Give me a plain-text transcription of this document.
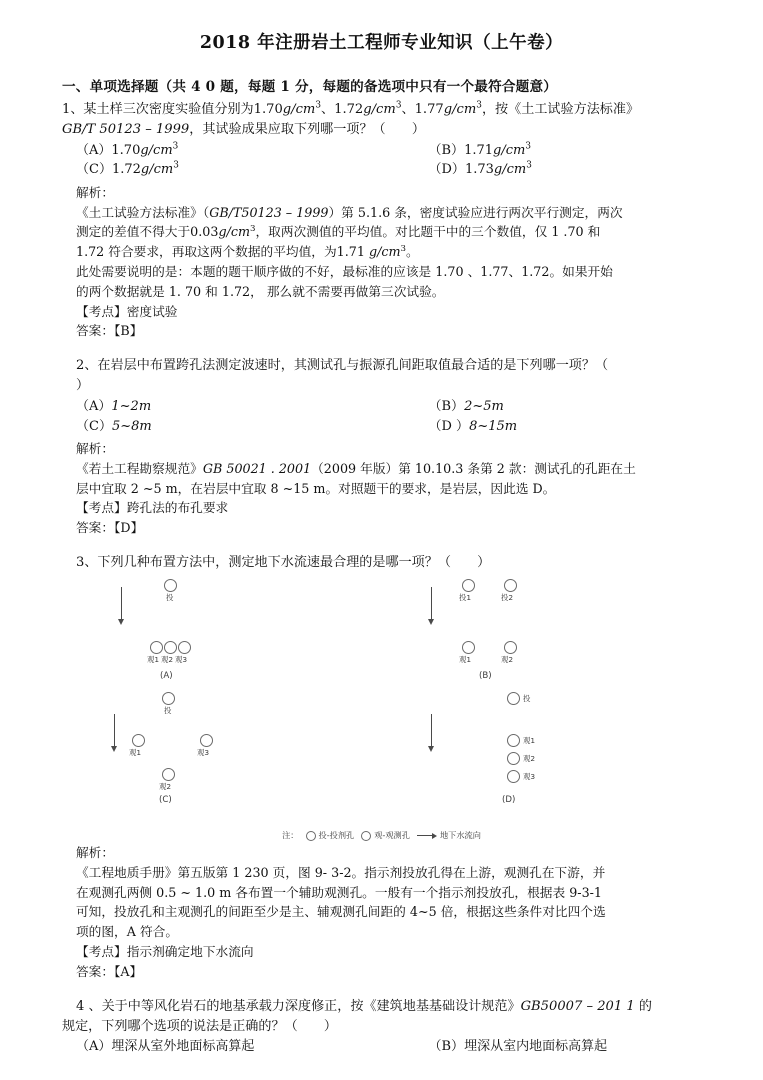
2018 年注册岩土工程师专业知识（上午卷）
一、单项选择题（共 4 0 题，每题 1 分，每题的备选项中只有一个最符合题意）
1、某土样三次密度实验值分别为$1.70g/cm^3$、$1.72g/cm^3$、$1.77g/cm^3$，按《土工试验方法标准》
GB/T 50123 – 1999，其试验成果应取下列哪一项？（　　）
$(A)1.70g/cm^3$	$(B)1.71g/cm^3$
$(C)1.72g/cm^3$	$(D)1.73g/cm^3$
解析：
《土工试验方法标准》（GB/T50123 – 1999）第 5.1.6 条，密度试验应进行两次平行测定，两次
测定的差值不得大于$0.03g/cm^3$，取两次测值的平均值。对比题干中的三个数值，仅 1 .70 和
1.72 符合要求，再取这两个数据的平均值，为1.71 $g/cm^3$。
此处需要说明的是：本题的题干顺序做的不好，最标准的应该是 1.70 、1.77、1.72。如果开始
的两个数据就是 1. 70 和 1.72， 那么就不需要再做第三次试验。
【考点】密度试验
答案：【B】
2、在岩层中布置跨孔法测定波速时，其测试孔与振源孔间距取值最合适的是下列哪一项？（
）
（A）1~2m	（B）2~5m
（C）5~8m	（D ）8~15m
解析：
《若土工程勘察规范》GB 50021 . 2001（2009 年版）第 10.10.3 条第 2 款：测试孔的孔距在土
层中宜取 2 ~5 m，在岩层中宜取 8 ~15 m。对照题干的要求，是岩层，因此选 D。
【考点】跨孔法的布孔要求
答案：【D】
3、下列几种布置方法中，测定地下水流速最合理的是哪一项？（　　）
投
观1 观2 观3
(A)
投1	投2
观1	观2
(B)
投
观1	观3
观2
(C)
投
观1
观2
观3
(D)
注： 投-投剂孔 观-观测孔	地下水流向
解析：
《工程地质手册》第五版第 1 230 页，图 9- 3-2。指示剂投放孔得在上游，观测孔在下游，并
在观测孔两侧 0.5 ~ 1.0 m 各布置一个辅助观测孔。一般有一个指示剂投放孔，根据表 9-3-1
可知，投放孔和主观测孔的间距至少是主、辅观测孔间距的 4~5 倍，根据这些条件对比四个选
项的图，A 符合。
【考点】指示剂确定地下水流向
答案：【A】
4 、关于中等风化岩石的地基承载力深度修正，按《建筑地基基础设计规范》GB50007 – 201 1 的
规定，下列哪个选项的说法是正确的？（　　）
（A）埋深从室外地面标高算起	（B）埋深从室内地面标高算起
